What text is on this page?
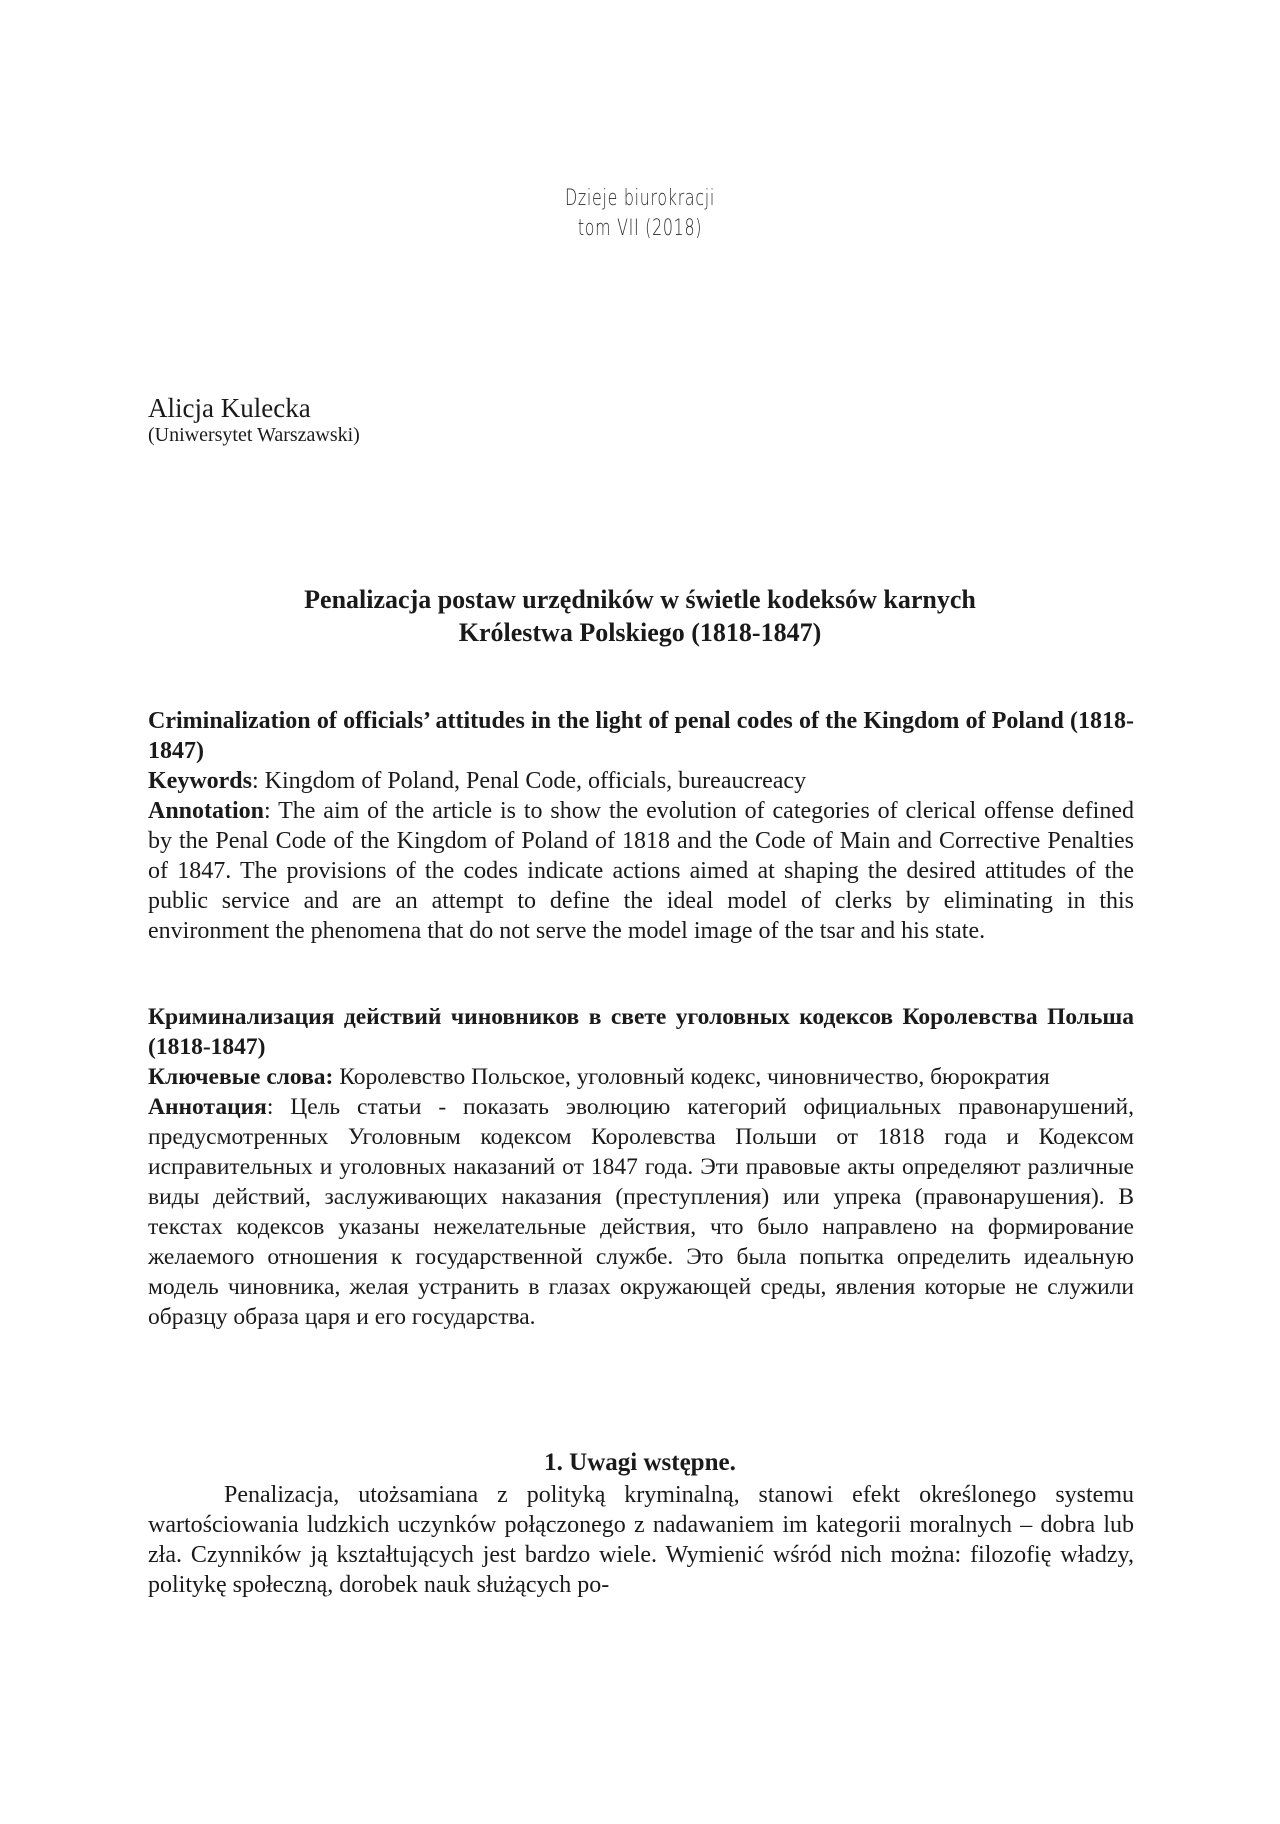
Dzieje biurokracji
tom VII (2018)
Alicja Kulecka
(Uniwersytet Warszawski)
Penalizacja postaw urzędników w świetle kodeksów karnych
Królestwa Polskiego (1818-1847)

Criminalization of officials’ attitudes in the light of penal codes of the Kingdom of Poland (1818-1847)

Keywords: Kingdom of Poland, Penal Code, officials, bureaucreacy

Annotation: The aim of the article is to show the evolution of categories of clerical offense defined by the Penal Code of the Kingdom of Poland of 1818 and the Code of Main and Corrective Penalties of 1847. The provisions of the codes indicate actions aimed at shaping the desired attitudes of the public service and are an attempt to define the ideal model of clerks by eliminating in this environment the phenomena that do not serve the model image of the tsar and his state.

Криминализация действий чиновников в свете уголовных кодексов Королевства Польша (1818-1847)

Ключевые слова: Королевство Польское, уголовный кодекс, чиновничество, бюрократия

Аннотация: Цель статьи - показать эволюцию категорий официальных правонарушений, предусмотренных Уголовным кодексом Королевства Польши от 1818 года и Кодексом исправительных и уголовных наказаний от 1847 года. Эти правовые акты определяют различные виды действий, заслуживающих наказания (преступления) или упрека (правонарушения). В текстах кодексов указаны нежелательные действия, что было направлено на формирование желаемого отношения к государственной службе. Это была попытка определить идеальную модель чиновника, желая устранить в глазах окружающей среды, явления которые не служили образцу образа царя и его государства.

1. Uwagi wstępne.

Penalizacja, utożsamiana z polityką kryminalną, stanowi efekt określonego systemu wartościowania ludzkich uczynków połączonego z nadawaniem im kategorii moralnych – dobra lub zła. Czynników ją kształtujących jest bardzo wiele. Wymienić wśród nich można: filozofię władzy, politykę społeczną, dorobek nauk służących po-
